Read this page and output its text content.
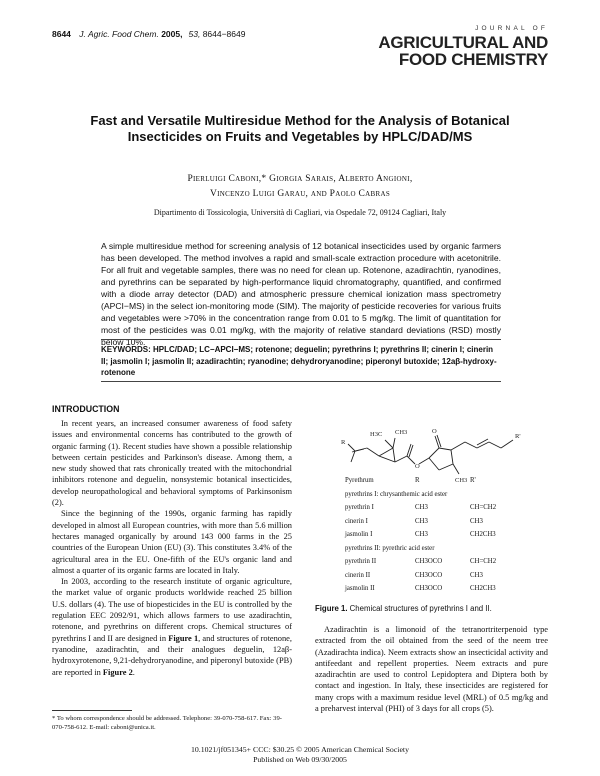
8644 J. Agric. Food Chem. 2005, 53, 8644−8649
JOURNAL OF
AGRICULTURAL AND
FOOD CHEMISTRY
Fast and Versatile Multiresidue Method for the Analysis of Botanical Insecticides on Fruits and Vegetables by HPLC/DAD/MS
Pierluigi Caboni,* Giorgia Sarais, Alberto Angioni,
Vincenzo Luigi Garau, and Paolo Cabras
Dipartimento di Tossicologia, Università di Cagliari, via Ospedale 72, 09124 Cagliari, Italy
A simple multiresidue method for screening analysis of 12 botanical insecticides used by organic farmers has been developed. The method involves a rapid and small-scale extraction procedure with acetonitrile. For all fruit and vegetable samples, there was no need for clean up. Rotenone, azadirachtin, ryanodines, and pyrethrins can be separated by high-performance liquid chromatography, quantified, and confirmed with a diode array detector (DAD) and atmospheric pressure chemical ionization mass spectrometry (APCI−MS) in the select ion-monitoring mode (SIM). The majority of pesticide recoveries for various fruits and vegetables were >70% in the concentration range from 0.01 to 5 mg/kg. The limit of quantitation for most of the pesticides was 0.01 mg/kg, with the majority of relative standard deviations (RSD) mostly below 10%.
KEYWORDS: HPLC/DAD; LC−APCI−MS; rotenone; deguelin; pyrethrins I; pyrethrins II; cinerin I; cinerin II; jasmolin I; jasmolin II; azadirachtin; ryanodine; dehydroryanodine; piperonyl butoxide; 12aβ-hydroxy-rotenone
INTRODUCTION

In recent years, an increased consumer awareness of food safety issues and environmental concerns has contributed to the growth of organic farming (1). Recent studies have shown a possible relationship between certain pesticides and Parkinson's disease. Among them, a new study showed that rats chronically treated with the mitochondrial inhibitors rotenone and deguelin, nonsystemic botanical insecticides, develop neuropathological and behavioral symptoms of Parkinsonism (2).

Since the beginning of the 1990s, organic farming has rapidly developed in almost all European countries, with more than 5.6 million hectares managed organically by around 143 000 farms in the 25 countries of the European Union (EU) (3). This constitutes 3.4% of the agricultural area in the EU. One-fifth of the EU's organic land and almost a quarter of its organic farms are located in Italy.

In 2003, according to the research institute of organic agriculture, the market value of organic products worldwide reached 25 billion U.S. dollars (4). The use of biopesticides in the EU is controlled by the regulation EEC 2092/91, which allows farmers to use azadirachtin, rotenone, and pyrethrins on different crops. Chemical structures of pyrethrins I and II are designed in Figure 1, and structures of rotenone, ryanodine, azadirachtin, and their analogues deguelin, 12aβ-hydroxyrotenone, 9,21-dehydroryanodine, and piperonyl butoxide (PB) are reported in Figure 2.

* To whom correspondence should be addressed. Telephone: 39-070-758-617. Fax: 39-070-758-612. E-mail: caboni@unica.it.
R
R'
H3C CH3
O
O
CH3
Pyrethrum	R	R'
pyrethrins I: chrysanthemic acid ester
pyrethrin I	CH3	CH=CH2
cinerin I	CH3	CH3
jasmolin I	CH3	CH2CH3
pyrethrins II: pyrethric acid ester
pyrethrin II	CH3OCO	CH=CH2
cinerin II	CH3OCO	CH3
jasmolin II	CH3OCO	CH2CH3
Figure 1. Chemical structures of pyrethrins I and II.

Azadirachtin is a limonoid of the tetranortriterpenoid type extracted from the oil obtained from the seed of the neem tree (Azadirachta indica). Neem extracts show an insecticidal activity and antifeedant and repellent properties. Neem extracts and pure azadirachtin are used to control Lepidoptera and Diptera both by contact and ingestion. In Italy, these insecticides are registered for many crops with a maximum residue level (MRL) of 0.5 mg/kg and a preharvest interval (PHI) of 3 days for all crops (5).

10.1021/jf051345+ CCC: $30.25 © 2005 American Chemical Society
Published on Web 09/30/2005
